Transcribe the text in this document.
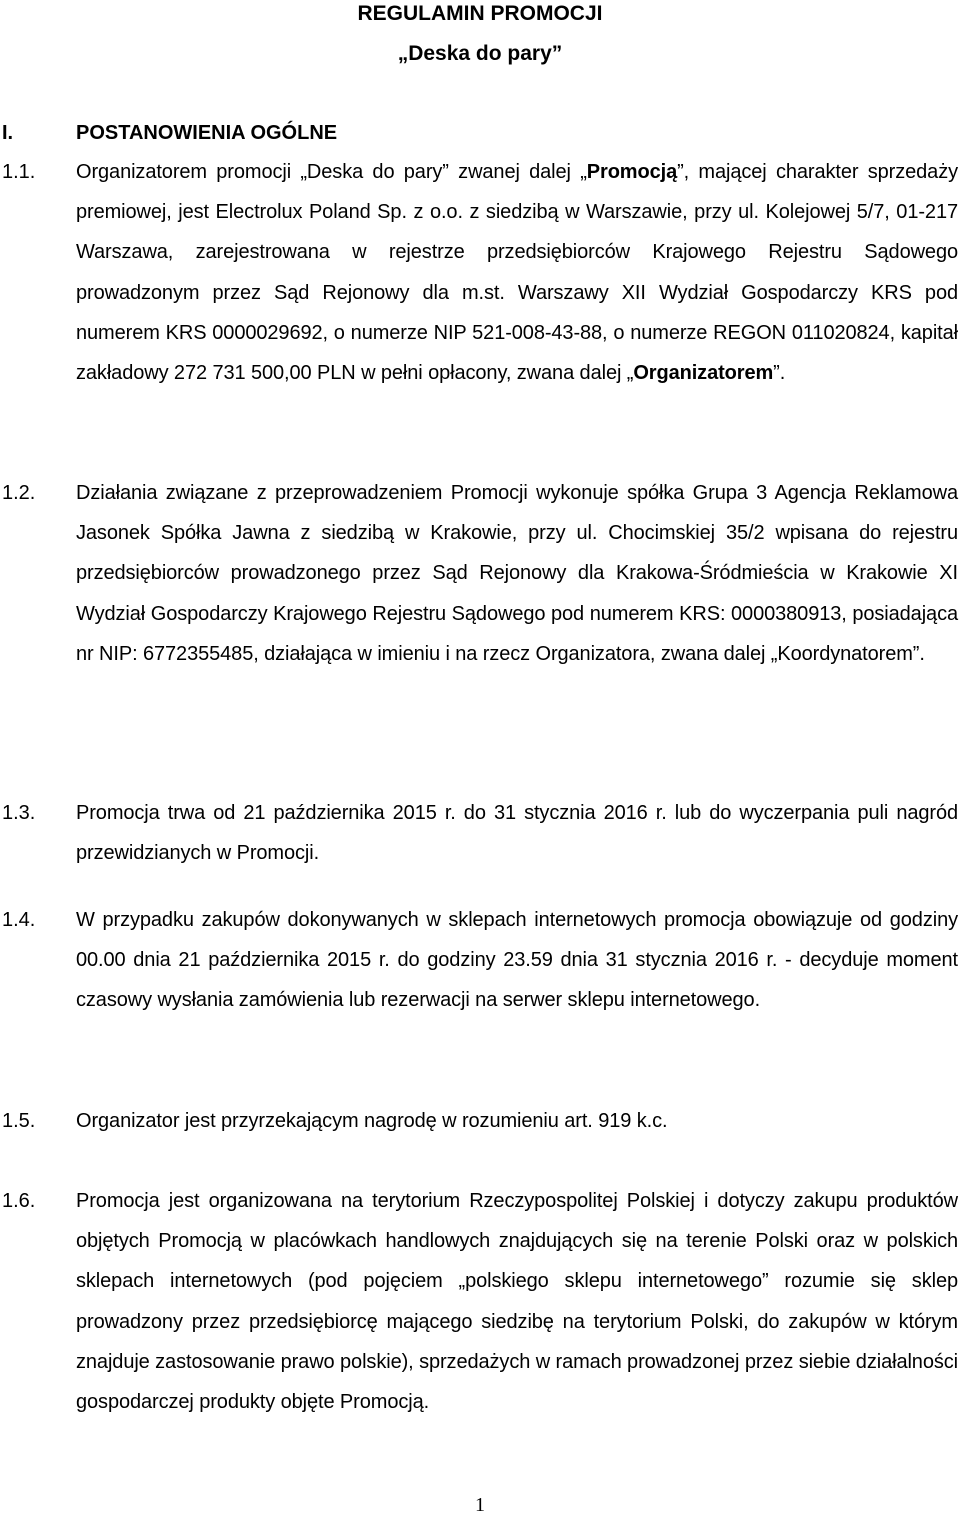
REGULAMIN PROMOCJI
„Deska do pary”
I.	POSTANOWIENIA OGÓLNE
1.1. Organizatorem promocji „Deska do pary” zwanej dalej „Promocją”, mającej charakter sprzedaży premiowej, jest Electrolux Poland Sp. z o.o. z siedzibą w Warszawie, przy ul. Kolejowej 5/7, 01-217 Warszawa, zarejestrowana w rejestrze przedsiębiorców Krajowego Rejestru Sądowego prowadzonym przez Sąd Rejonowy dla m.st. Warszawy XII Wydział Gospodarczy KRS pod numerem KRS 0000029692, o numerze NIP 521-008-43-88, o numerze REGON 011020824, kapitał zakładowy 272 731 500,00 PLN w pełni opłacony, zwana dalej „Organizatorem”.
1.2. Działania związane z przeprowadzeniem Promocji wykonuje spółka Grupa 3 Agencja Reklamowa Jasonek Spółka Jawna z siedzibą w Krakowie, przy ul. Chocimskiej 35/2 wpisana do rejestru przedsiębiorców prowadzonego przez Sąd Rejonowy dla Krakowa-Śródmieścia w Krakowie XI Wydział Gospodarczy Krajowego Rejestru Sądowego pod numerem KRS: 0000380913, posiadająca nr NIP: 6772355485, działająca w imieniu i na rzecz Organizatora, zwana dalej „Koordynatorem”.
1.3. Promocja trwa od 21 października 2015 r. do 31 stycznia 2016 r. lub do wyczerpania puli nagród przewidzianych w Promocji.
1.4. W przypadku zakupów dokonywanych w sklepach internetowych promocja obowiązuje od godziny 00.00 dnia 21 października 2015 r. do godziny 23.59 dnia 31 stycznia 2016 r. - decyduje moment czasowy wysłania zamówienia lub rezerwacji na serwer sklepu internetowego.
1.5. Organizator jest przyrzekającym nagrodę w rozumieniu art. 919 k.c.
1.6. Promocja jest organizowana na terytorium Rzeczypospolitej Polskiej i dotyczy zakupu produktów objętych Promocją w placówkach handlowych znajdujących się na terenie Polski oraz w polskich sklepach internetowych (pod pojęciem „polskiego sklepu internetowego” rozumie się sklep prowadzony przez przedsiębiorcę mającego siedzibę na terytorium Polski, do zakupów w którym znajduje zastosowanie prawo polskie), sprzedażych w ramach prowadzonej przez siebie działalności gospodarczej produkty objęte Promocją.
1
